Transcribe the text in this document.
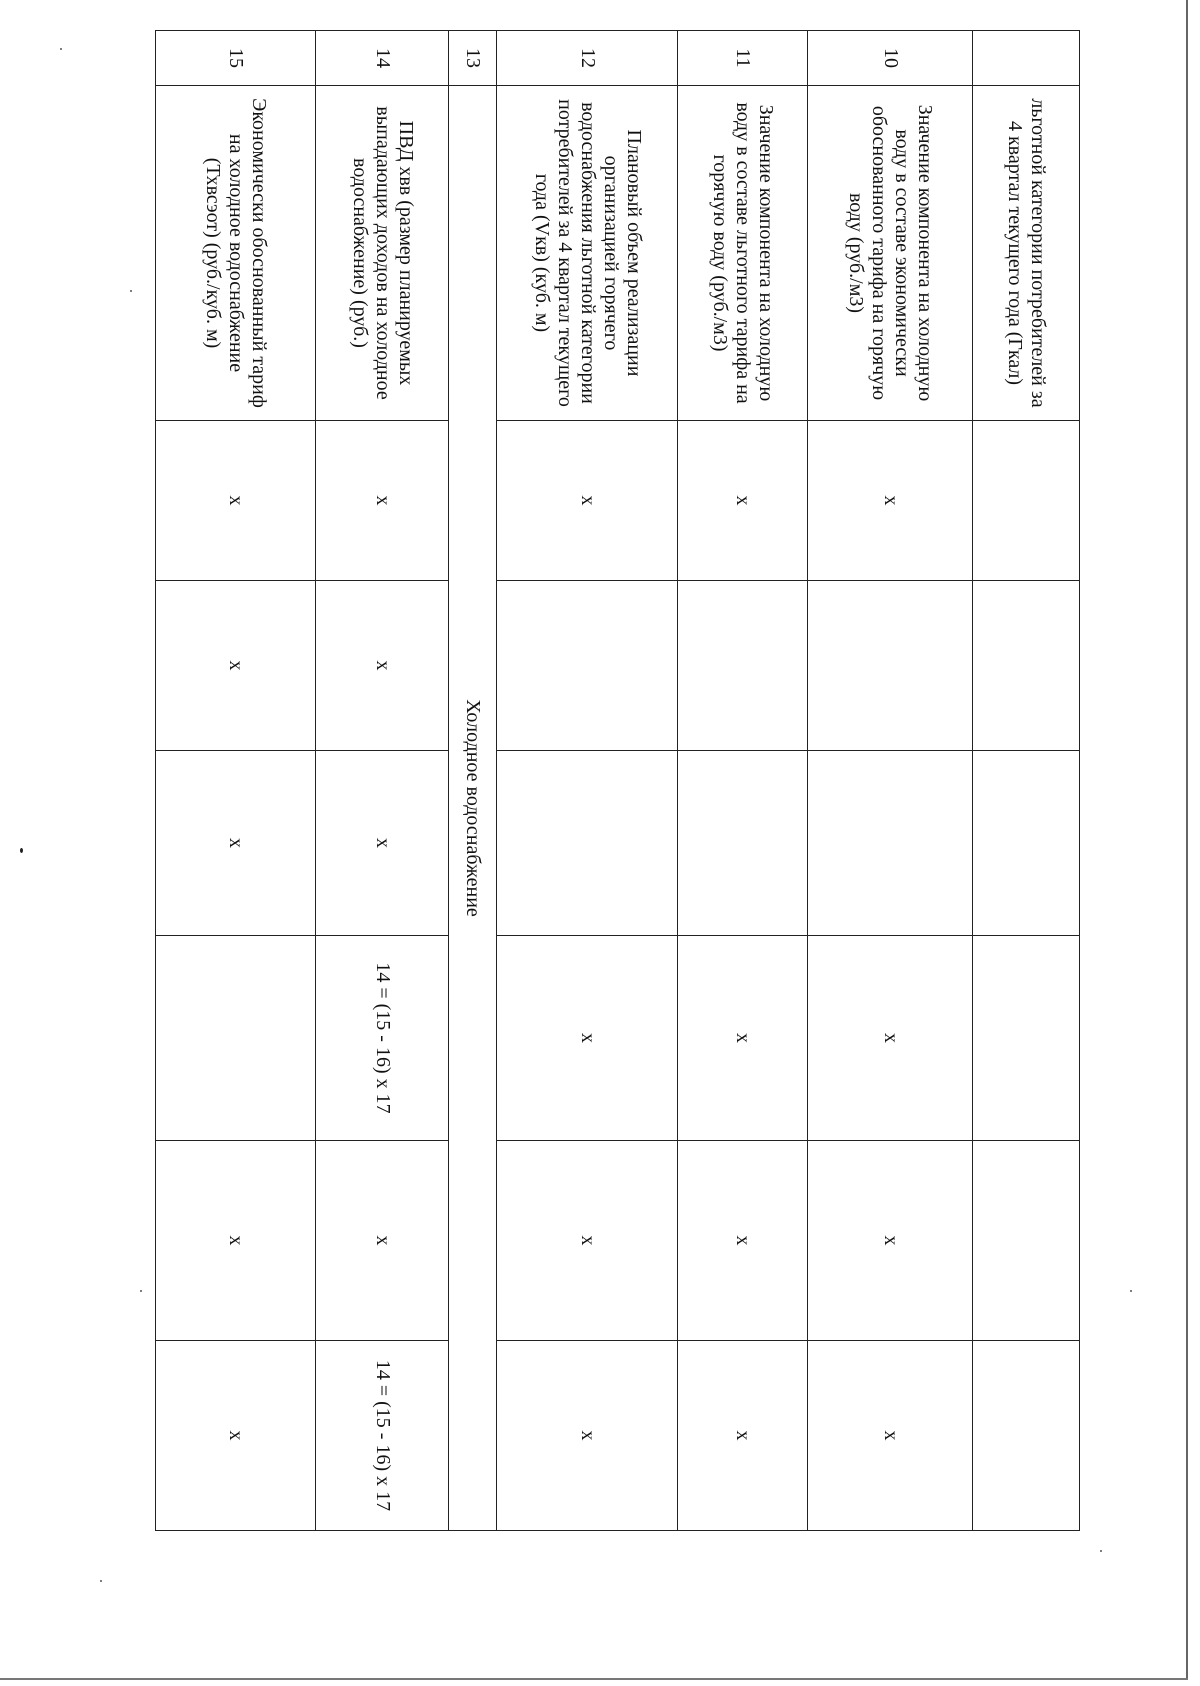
	льготной категории потребителей за 4 квартал текущего года (Гкал)						
10	Значение компонента на холодную воду в составе экономически обоснованного тарифа на горячую воду (руб./м3)	x			x	x	x
11	Значение компонента на холодную воду в составе льготного тарифа на горячую воду (руб./м3)	x			x	x	x
12	Плановый объем реализации организацией горячего водоснабжения льготной категории потребителей за 4 квартал текущего года (Vкв) (куб. м)	x			x	x	x
13	Холодное водоснабжение						
14	ПВД хвв (размер планируемых выпадающих доходов на холодное водоснабжение) (руб.)	x	x	x	14 = (15 - 16) x 17	x	14 = (15 - 16) x 17
15	Экономически обоснованный тариф на холодное водоснабжение (Тхвсэот) (руб./куб. м)	x	x	x		x	x
